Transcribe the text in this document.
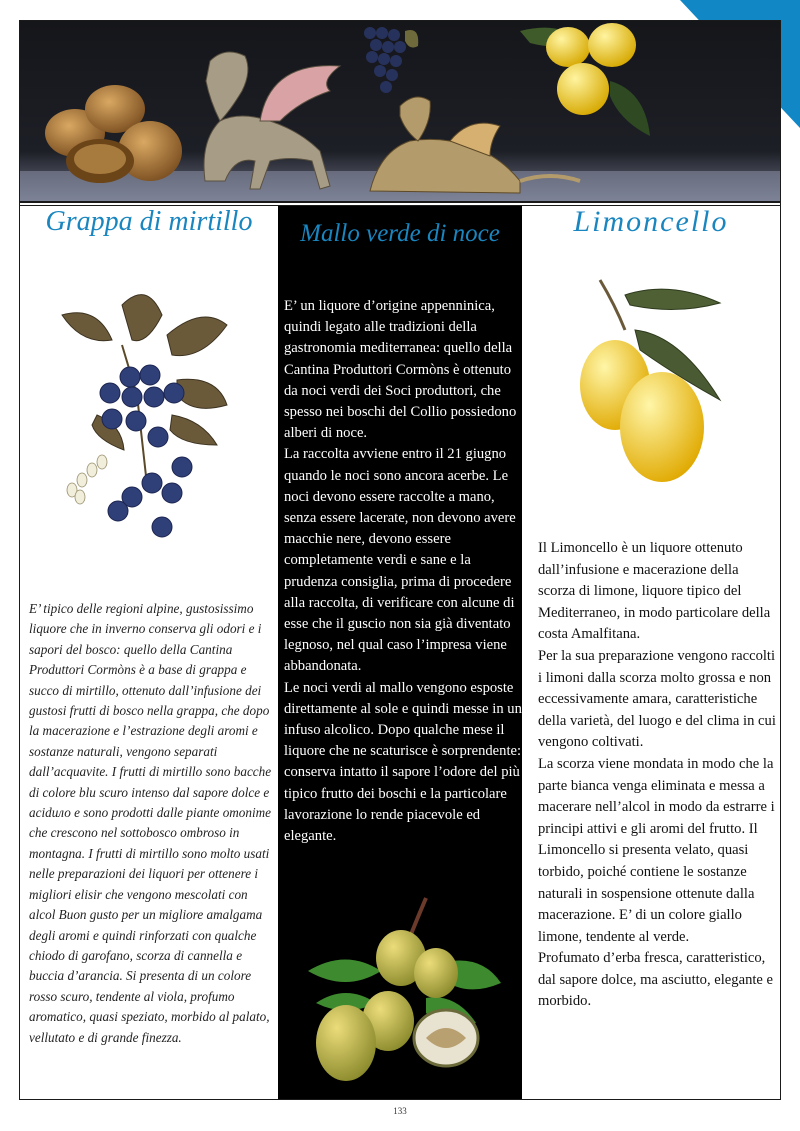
Grappa di mirtillo	Mallo verde di noce	Limoncello

E’ tipico delle regioni alpine, gustosissimo liquore che in inverno conserva gli odori e i sapori del bosco: quello della Cantina Produttori Cormòns è a base di grappa e succo di mirtillo, ottenuto dall’infusione dei gustosi frutti di bosco nella grappa, che dopo la macerazione e l’estrazione degli aromi e sostanze naturali, vengono separati dall’acquavite. I frutti di mirtillo sono bacche di colore blu scuro intenso dal sapore dolce e aciduло e sono prodotti dalle piante omonime che crescono nel sottobosco ombroso in montagna. I frutti di mirtillo sono molto usati nelle preparazioni dei liquori per ottenere i migliori elisir che vengono mescolati con alcol Buon gusto per un migliore amalgama degli aromi e quindi rinforzati con qualche chiodo di garofano, scorza di cannella e buccia d’arancia. Si presenta di un colore rosso scuro, tendente al viola, profumo aromatico, quasi speziato, morbido al palato, vellutato e di grande finezza.

E’ un liquore d’origine appenninica, quindi legato alle tradizioni della gastronomia mediterranea: quello della Cantina Produttori Cormòns è ottenuto da noci verdi dei Soci produttori, che spesso nei boschi del Collio possiedono alberi di noce.

La raccolta avviene entro il 21 giugno quando le noci sono ancora acerbe. Le noci devono essere raccolte a mano, senza essere lacerate, non devono avere macchie nere, devono essere completamente verdi e sane e la prudenza consiglia, prima di procedere alla raccolta, di verificare con alcune di esse che il guscio non sia già diventato legnoso, nel qual caso l’impresa viene abbandonata.

Le noci verdi al mallo vengono esposte direttamente al sole e quindi messe in un infuso alcolico. Dopo qualche mese il liquore che ne scaturisce è sorprendente: conserva intatto il sapore l’odore del più tipico frutto dei boschi e la particolare lavorazione lo rende piacevole ed elegante.

Il Limoncello è un liquore ottenuto dall’infusione e macerazione della scorza di limone, liquore tipico del Mediterraneo, in modo particolare della costa Amalfitana.

Per la sua preparazione vengono raccolti i limoni dalla scorza molto grossa e non eccessivamente amara, caratteristiche della varietà, del luogo e del clima in cui vengono coltivati.

La scorza viene mondata in modo che la parte bianca venga eliminata e messa a macerare nell’alcol in modo da estrarre i principi attivi e gli aromi del frutto. Il Limoncello si presenta velato, quasi torbido, poiché contiene le sostanze naturali in sospensione ottenute dalla macerazione. E’ di un colore giallo limone, tendente al verde.

Profumato d’erba fresca, caratteristico, dal sapore dolce, ma asciutto, elegante e morbido.

133
